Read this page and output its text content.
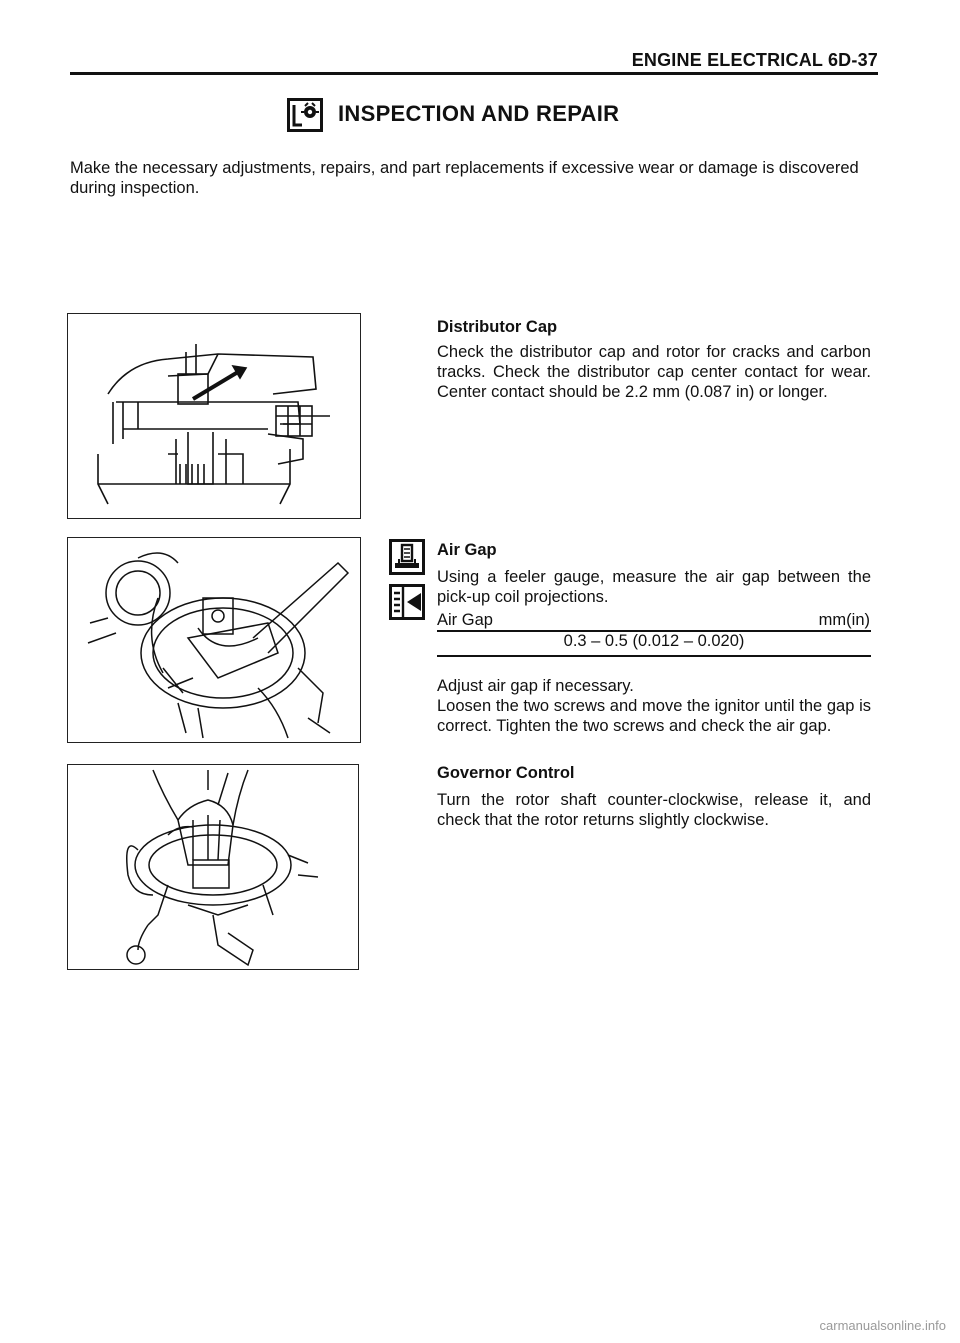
ENGINE ELECTRICAL 6D-37
INSPECTION AND REPAIR
Make the necessary adjustments, repairs, and part replacements if excessive wear or damage is discovered during inspection.
Distributor Cap
Check the distributor cap and rotor for cracks and carbon tracks. Check the distributor cap center contact for wear. Center contact should be 2.2 mm (0.087 in) or longer.
Air Gap
Using a feeler gauge, measure the air gap between the pick-up coil projections.
Air Gap	mm(in)
0.3 – 0.5 (0.012 – 0.020)
Adjust air gap if necessary.
Loosen the two screws and move the ignitor until the gap is correct. Tighten the two screws and check the air gap.
Governor Control
Turn the rotor shaft counter-clockwise, release it, and check that the rotor returns slightly clockwise.
carmanualsonline.info
